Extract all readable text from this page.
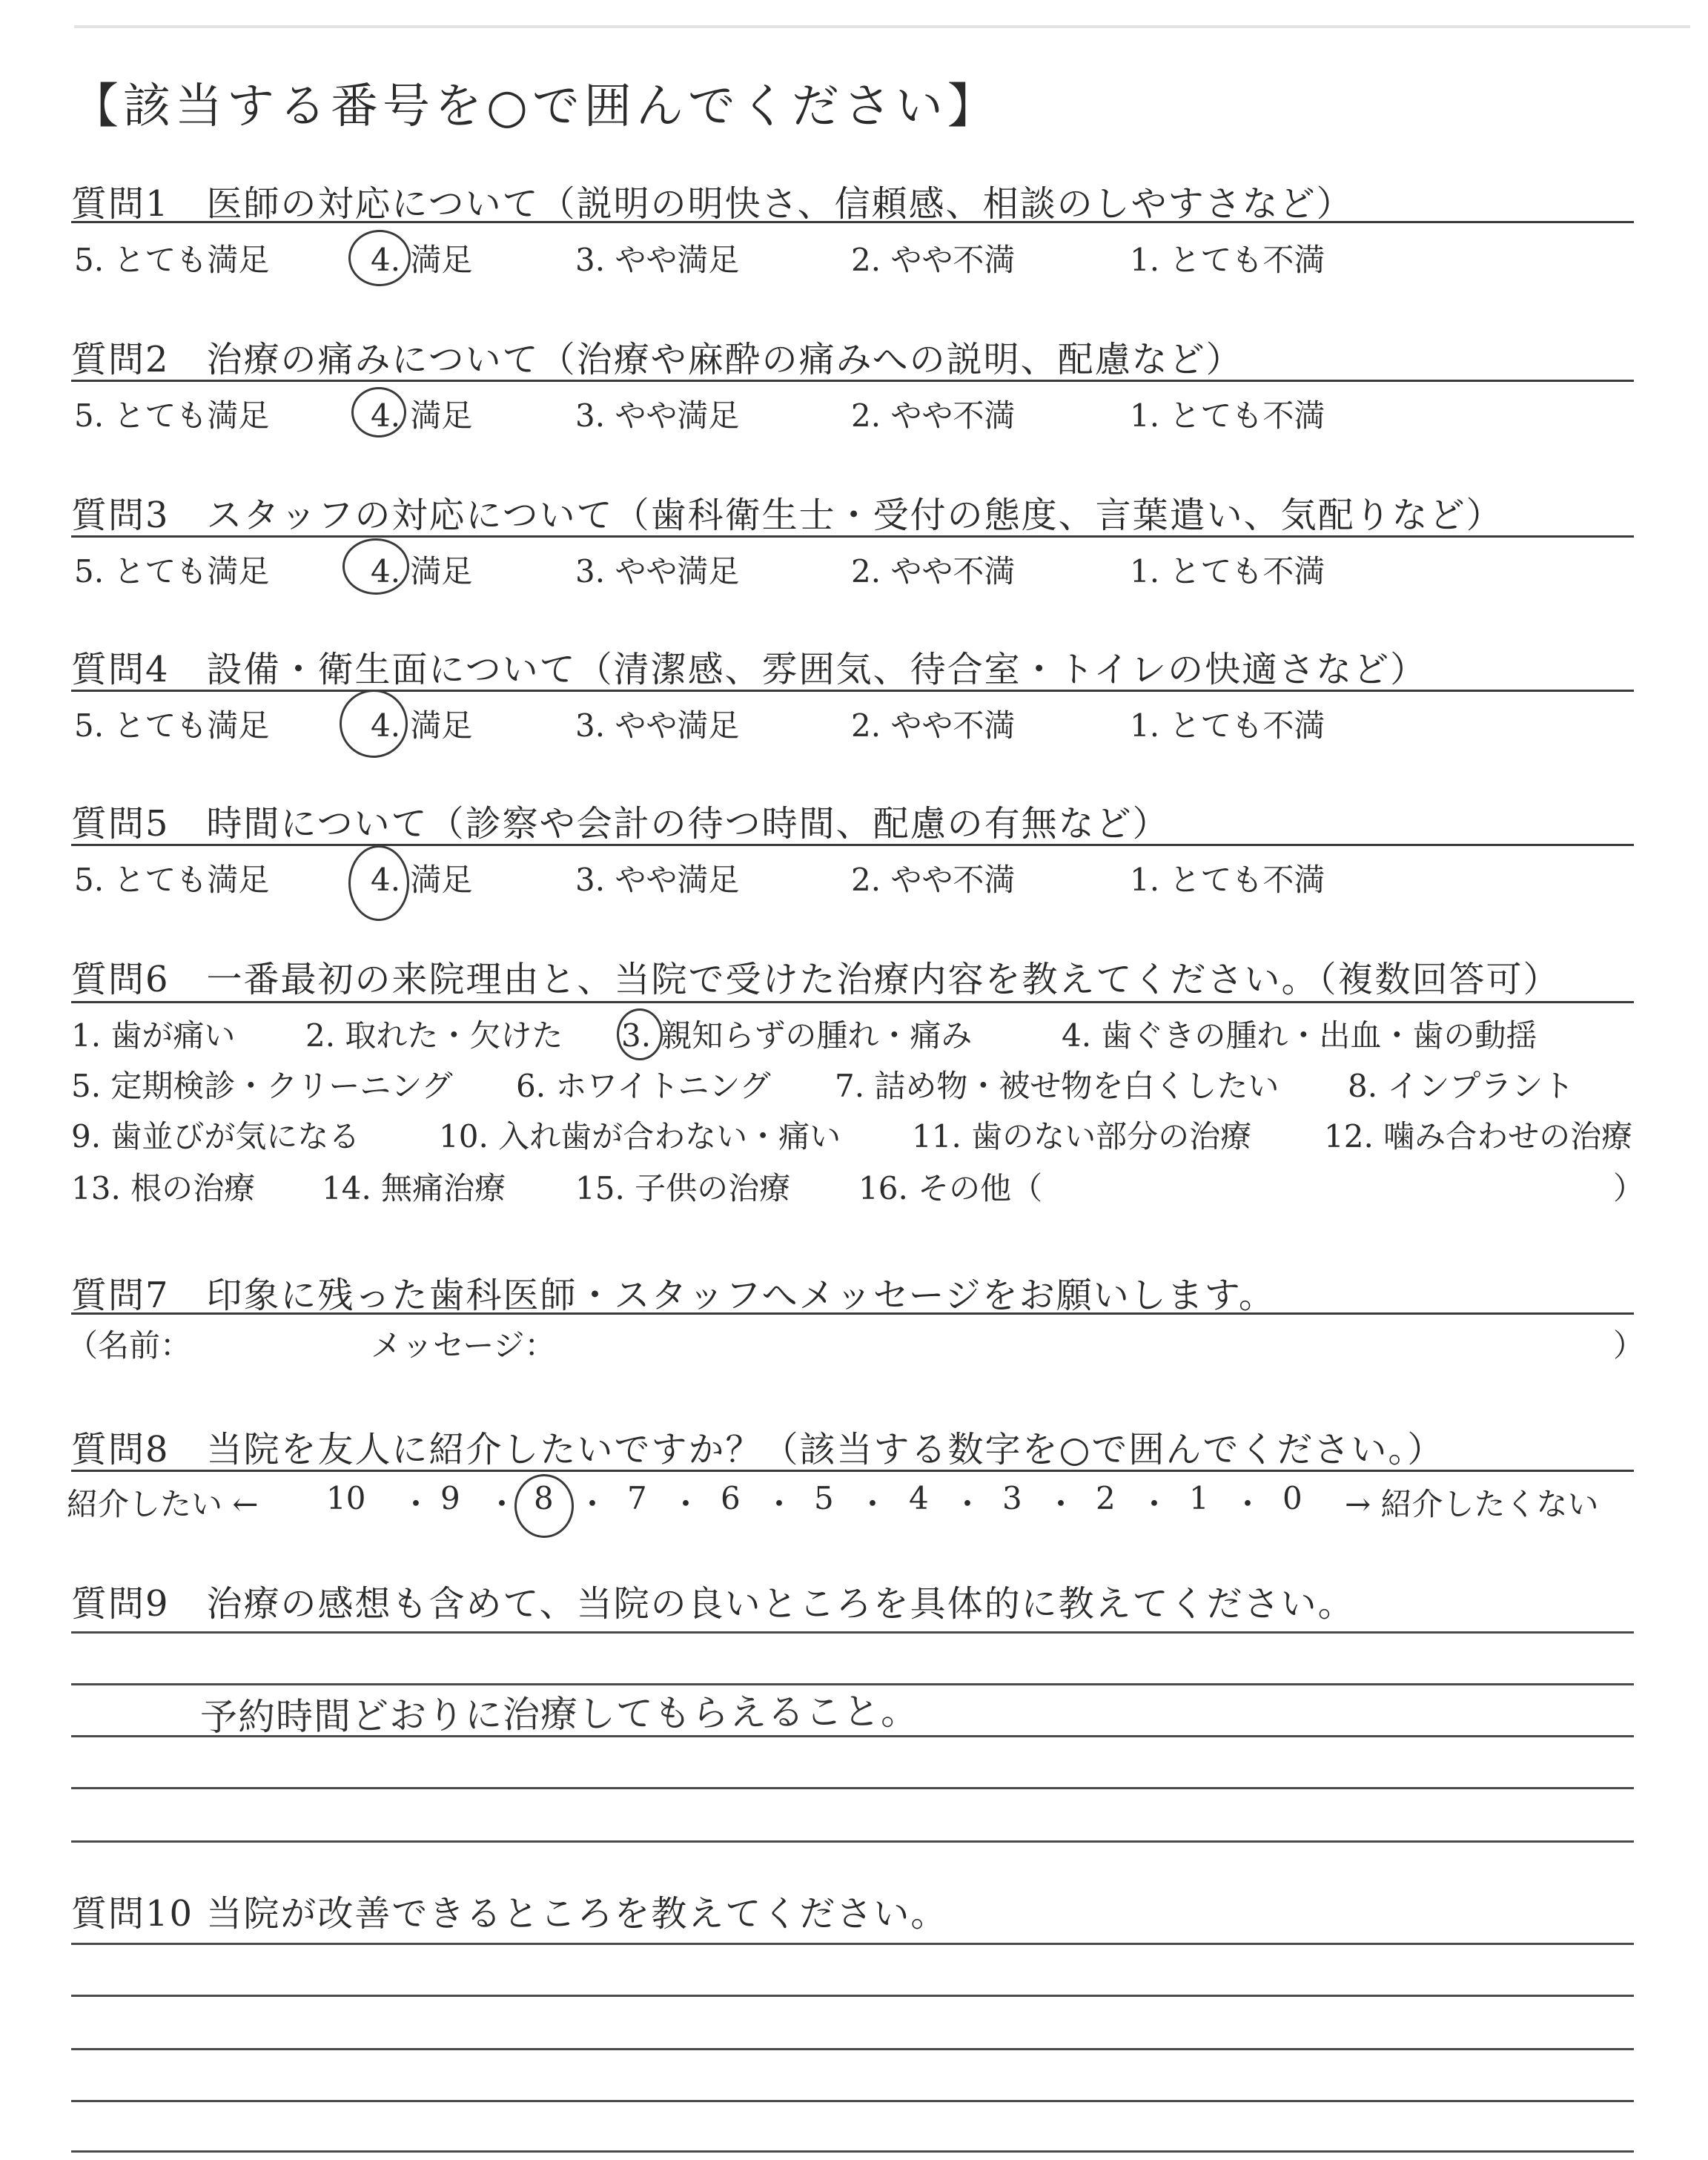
【該当する番号を○で囲んでください】
質問1　医師の対応について（説明の明快さ、信頼感、相談のしやすさなど）
5. とても満足	4. 満足	3. やや満足	2. やや不満	1. とても不満
質問2　治療の痛みについて（治療や麻酔の痛みへの説明、配慮など）
5. とても満足	4. 満足	3. やや満足	2. やや不満	1. とても不満
質問3　スタッフの対応について（歯科衛生士・受付の態度、言葉遣い、気配りなど）
5. とても満足	4. 満足	3. やや満足	2. やや不満	1. とても不満
質問4　設備・衛生面について（清潔感、雰囲気、待合室・トイレの快適さなど）
5. とても満足	4. 満足	3. やや満足	2. やや不満	1. とても不満
質問5　時間について（診察や会計の待つ時間、配慮の有無など）
5. とても満足	4. 満足	3. やや満足	2. やや不満	1. とても不満
質問6　一番最初の来院理由と、当院で受けた治療内容を教えてください。（複数回答可）
1. 歯が痛い 2. 取れた・欠けた 3. 親知らずの腫れ・痛み	4. 歯ぐきの腫れ・出血・歯の動揺
5. 定期検診・クリーニング 6. ホワイトニング 7. 詰め物・被せ物を白くしたい 8. インプラント
9. 歯並びが気になる	10. 入れ歯が合わない・痛い 11. 歯のない部分の治療 12. 噛み合わせの治療
13. 根の治療 14. 無痛治療 15. 子供の治療 16. その他（	）
質問7　印象に残った歯科医師・スタッフへメッセージをお願いします。
（名前：	メッセージ：	）
質問8　当院を友人に紹介したいですか？（該当する数字を○で囲んでください。）
紹介したい ← 10 ・ 9 ・ 8 ・ 7 ・ 6 ・ 5 ・ 4 ・ 3 ・ 2 ・ 1 ・ 0 → 紹介したくない
質問9　治療の感想も含めて、当院の良いところを具体的に教えてください。
予約時間どおりに治療してもらえること。
質問10 当院が改善できるところを教えてください。
